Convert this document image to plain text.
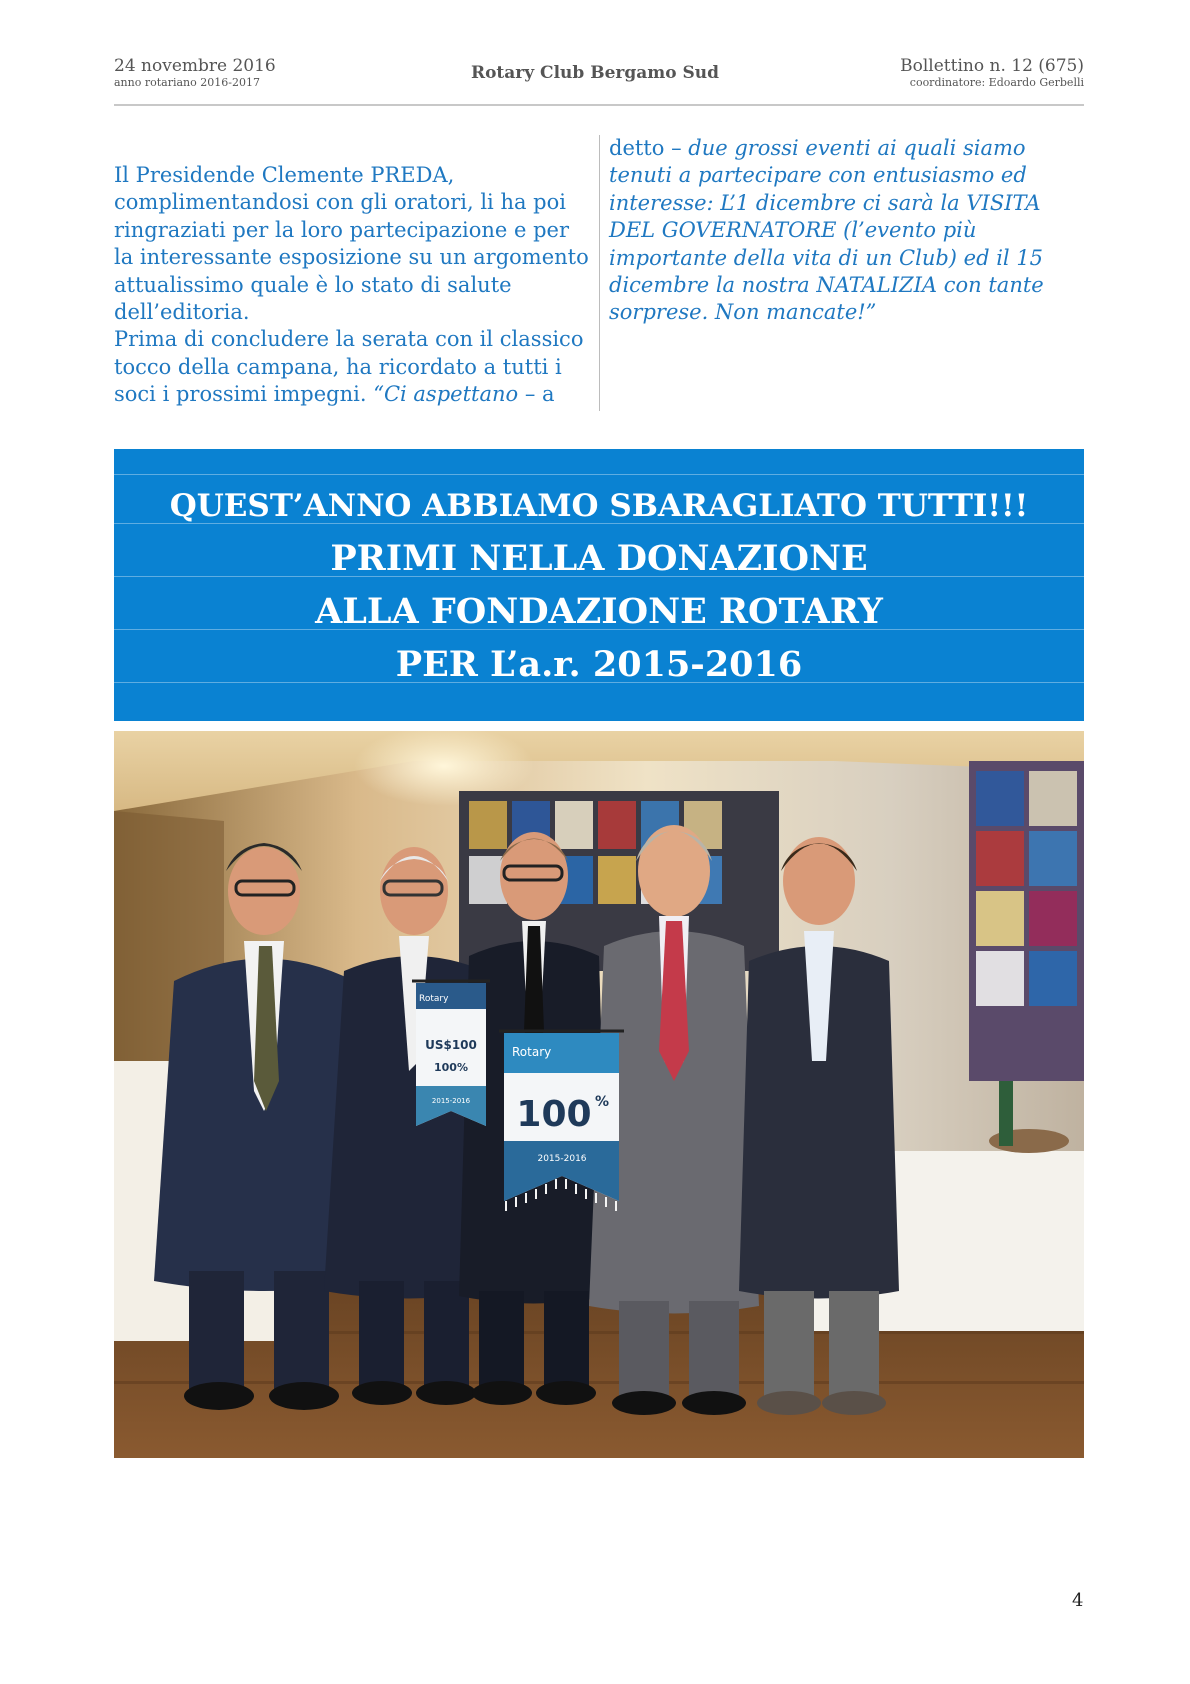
24 novembre 2016
anno rotariano 2016-2017	Rotary Club Bergamo Sud	Bollettino n. 12 (675)
coordinatore: Edoardo Gerbelli

Il Presidende Clemente PREDA, complimentandosi con gli oratori, li ha poi ringraziati per la loro partecipazione e per la interessante esposizione su un argomento attualissimo quale è lo stato di salute dell’editoria.

Prima di concludere la serata con il classico tocco della campana, ha ricordato a tutti i soci i prossimi impegni. “Ci aspettano – a

detto – due grossi eventi ai quali siamo tenuti a partecipare con entusiasmo ed interesse: L’1 dicembre ci sarà la VISITA DEL GOVERNATORE (l’evento più importante della vita di un Club) ed il 15 dicembre la nostra NATALIZIA con tante sorprese. Non mancate!”

QUEST’ANNO ABBIAMO SBARAGLIATO TUTTI!!!
PRIMI NELLA DONAZIONE
ALLA FONDAZIONE ROTARY
PER L’a.r. 2015-2016
Rotary
US$100
100%
2015-2016
Rotary
100 %
2015-2016
4
